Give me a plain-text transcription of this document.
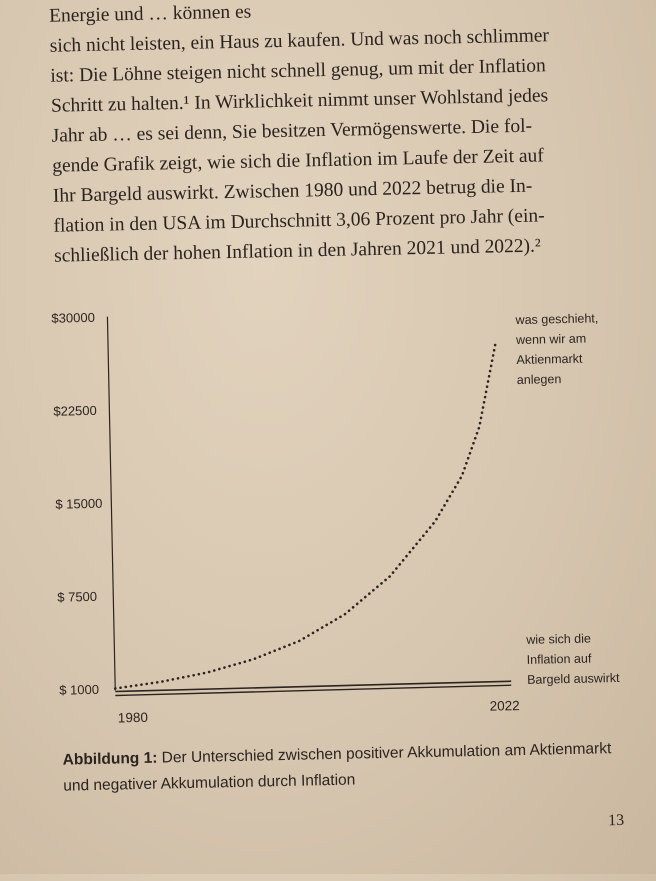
Energie und … können es
sich nicht leisten, ein Haus zu kaufen. Und was noch schlimmer
ist: Die Löhne steigen nicht schnell genug, um mit der Inflation
Schritt zu halten.¹ In Wirklichkeit nimmt unser Wohlstand jedes
Jahr ab … es sei denn, Sie besitzen Vermögenswerte. Die fol-
gende Grafik zeigt, wie sich die Inflation im Laufe der Zeit auf
Ihr Bargeld auswirkt. Zwischen 1980 und 2022 betrug die In-
flation in den USA im Durchschnitt 3,06 Prozent pro Jahr (ein-
schließlich der hohen Inflation in den Jahren 2021 und 2022).²
$30000
$22500
$ 15000
$ 7500
$ 1000
1980
2022
was geschieht,
wenn wir am
Aktienmarkt
anlegen
wie sich die
Inflation auf
Bargeld auswirkt
Abbildung 1: Der Unterschied zwischen positiver Akkumulation am Aktienmarkt und negativer Akkumulation durch Inflation
13
